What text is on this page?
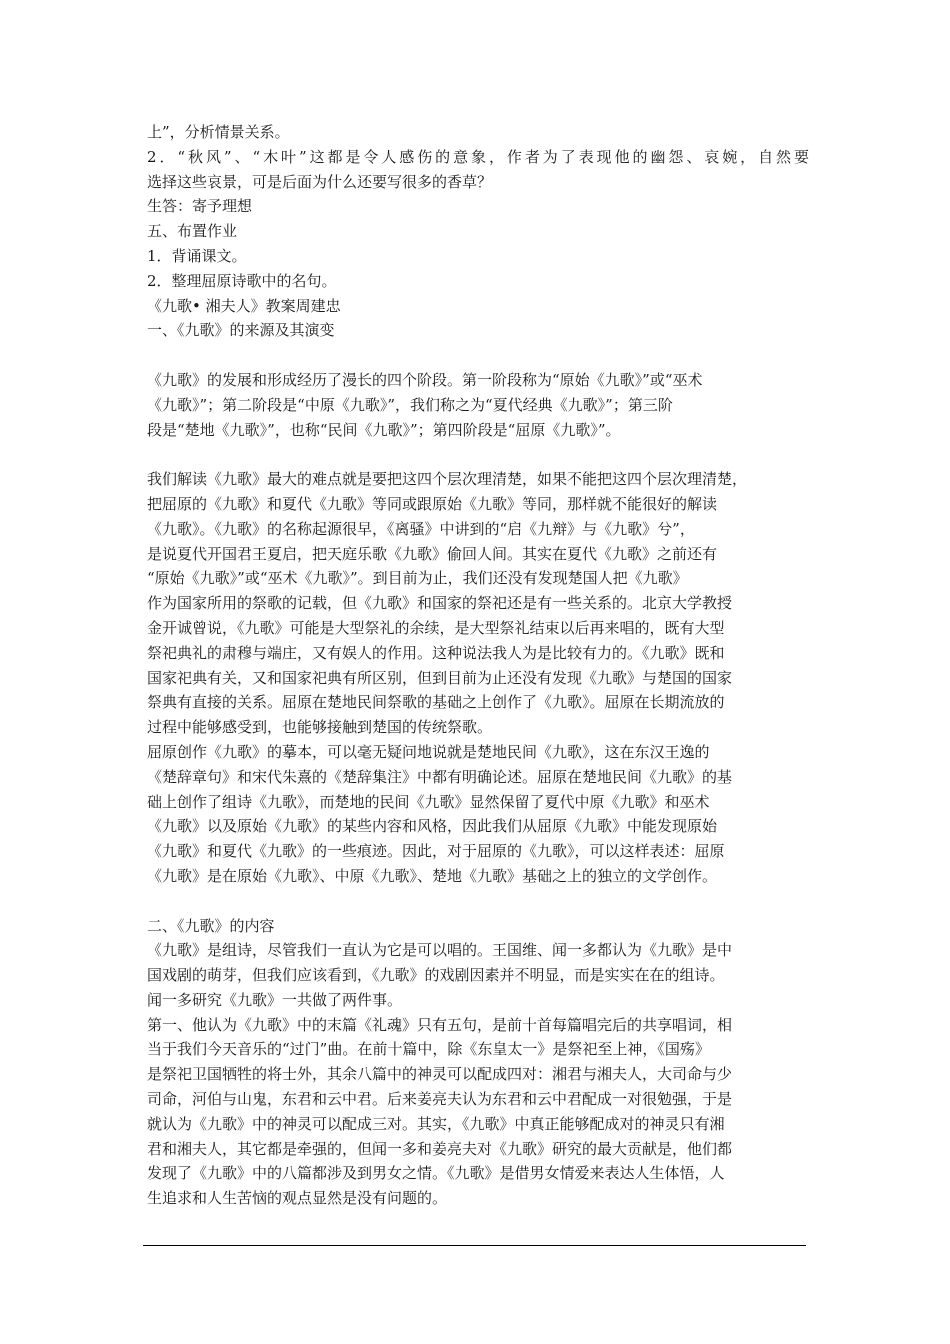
上”，分析情景关系。
2．“秋风”、“木叶”这都是令人感伤的意象，作者为了表现他的幽怨、哀婉，自然要
选择这些哀景，可是后面为什么还要写很多的香草？
生答：寄予理想
五、布置作业
1．背诵课文。
2．整理屈原诗歌中的名句。
《九歌• 湘夫人》教案周建忠
一、《九歌》的来源及其演变
《九歌》的发展和形成经历了漫长的四个阶段。第一阶段称为“原始《九歌》”或“巫术
《九歌》”；第二阶段是“中原《九歌》”，我们称之为“夏代经典《九歌》”；第三阶
段是“楚地《九歌》”，也称“民间《九歌》”；第四阶段是“屈原《九歌》”。
我们解读《九歌》最大的难点就是要把这四个层次理清楚，如果不能把这四个层次理清楚，
把屈原的《九歌》和夏代《九歌》等同或跟原始《九歌》等同，那样就不能很好的解读
《九歌》。《九歌》的名称起源很早，《离骚》中讲到的“启《九辩》与《九歌》兮”，
是说夏代开国君王夏启，把天庭乐歌《九歌》偷回人间。其实在夏代《九歌》之前还有
“原始《九歌》”或“巫术《九歌》”。到目前为止，我们还没有发现楚国人把《九歌》
作为国家所用的祭歌的记载，但《九歌》和国家的祭祀还是有一些关系的。北京大学教授
金开诚曾说，《九歌》可能是大型祭礼的余续，是大型祭礼结束以后再来唱的，既有大型
祭祀典礼的肃穆与端庄，又有娱人的作用。这种说法我人为是比较有力的。《九歌》既和
国家祀典有关，又和国家祀典有所区别，但到目前为止还没有发现《九歌》与楚国的国家
祭典有直接的关系。屈原在楚地民间祭歌的基础之上创作了《九歌》。屈原在长期流放的
过程中能够感受到，也能够接触到楚国的传统祭歌。
屈原创作《九歌》的摹本，可以毫无疑问地说就是楚地民间《九歌》，这在东汉王逸的
《楚辞章句》和宋代朱熹的《楚辞集注》中都有明确论述。屈原在楚地民间《九歌》的基
础上创作了组诗《九歌》，而楚地的民间《九歌》显然保留了夏代中原《九歌》和巫术
《九歌》以及原始《九歌》的某些内容和风格，因此我们从屈原《九歌》中能发现原始
《九歌》和夏代《九歌》的一些痕迹。因此，对于屈原的《九歌》，可以这样表述：屈原
《九歌》是在原始《九歌》、中原《九歌》、楚地《九歌》基础之上的独立的文学创作。
二、《九歌》的内容
《九歌》是组诗，尽管我们一直认为它是可以唱的。王国维、闻一多都认为《九歌》是中
国戏剧的萌芽，但我们应该看到，《九歌》的戏剧因素并不明显，而是实实在在的组诗。
闻一多研究《九歌》一共做了两件事。
第一、他认为《九歌》中的末篇《礼魂》只有五句，是前十首每篇唱完后的共享唱词，相
当于我们今天音乐的“过门”曲。在前十篇中，除《东皇太一》是祭祀至上神，《国殇》
是祭祀卫国牺牲的将士外，其余八篇中的神灵可以配成四对：湘君与湘夫人，大司命与少
司命，河伯与山鬼，东君和云中君。后来姜亮夫认为东君和云中君配成一对很勉强，于是
就认为《九歌》中的神灵可以配成三对。其实，《九歌》中真正能够配成对的神灵只有湘
君和湘夫人，其它都是牵强的，但闻一多和姜亮夫对《九歌》研究的最大贡献是，他们都
发现了《九歌》中的八篇都涉及到男女之情。《九歌》是借男女情爱来表达人生体悟，人
生追求和人生苦恼的观点显然是没有问题的。
